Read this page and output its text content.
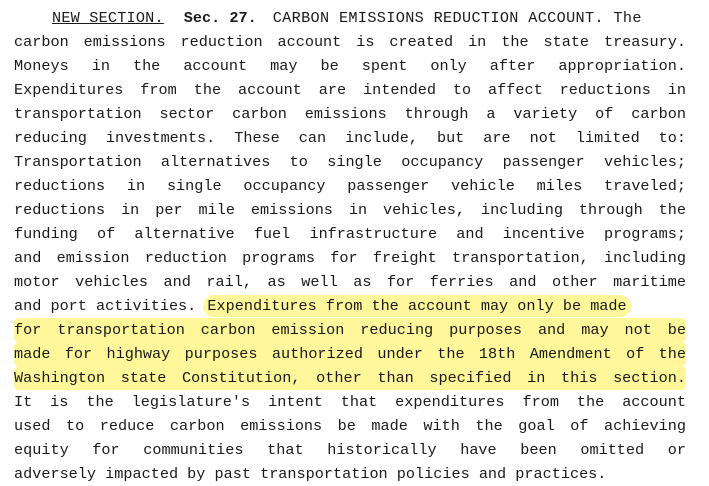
NEW SECTION. Sec. 27. CARBON EMISSIONS REDUCTION ACCOUNT. The
carbon emissions reduction account is created in the state treasury.
Moneys in the account may be spent only after appropriation.
Expenditures from the account are intended to affect reductions in
transportation sector carbon emissions through a variety of carbon
reducing investments. These can include, but are not limited to:
Transportation alternatives to single occupancy passenger vehicles;
reductions in single occupancy passenger vehicle miles traveled;
reductions in per mile emissions in vehicles, including through the
funding of alternative fuel infrastructure and incentive programs;
and emission reduction programs for freight transportation, including
motor vehicles and rail, as well as for ferries and other maritime
and port activities. Expenditures from the account may only be made
for transportation carbon emission reducing purposes and may not be
made for highway purposes authorized under the 18th Amendment of the
Washington state Constitution, other than specified in this section.
It is the legislature's intent that expenditures from the account
used to reduce carbon emissions be made with the goal of achieving
equity for communities that historically have been omitted or
adversely impacted by past transportation policies and practices.
